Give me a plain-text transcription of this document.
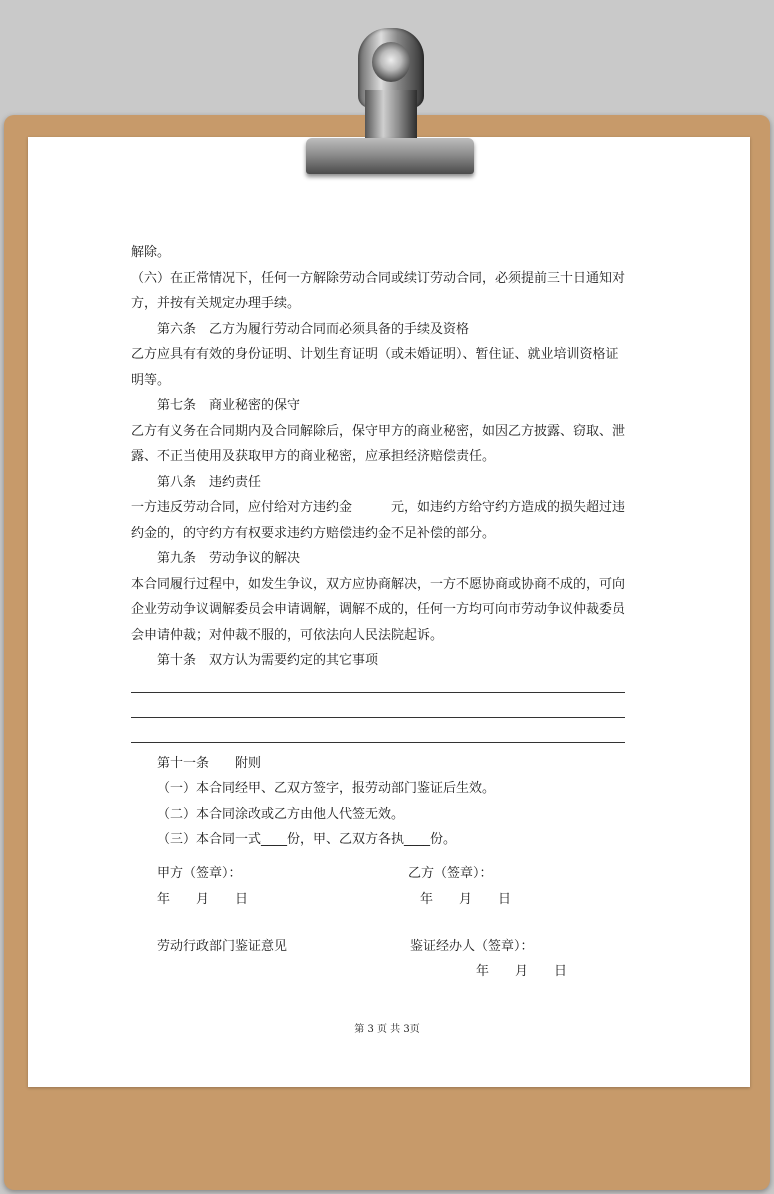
解除。

（六）在正常情况下，任何一方解除劳动合同或续订劳动合同，必须提前三十日通知对

方，并按有关规定办理手续。

第六条　乙方为履行劳动合同而必须具备的手续及资格

乙方应具有有效的身份证明、计划生育证明（或未婚证明）、暂住证、就业培训资格证

明等。

第七条　商业秘密的保守

乙方有义务在合同期内及合同解除后，保守甲方的商业秘密，如因乙方披露、窃取、泄

露、不正当使用及获取甲方的商业秘密，应承担经济赔偿责任。

第八条　违约责任

一方违反劳动合同，应付给对方违约金　　　元，如违约方给守约方造成的损失超过违

约金的，的守约方有权要求违约方赔偿违约金不足补偿的部分。

第九条　劳动争议的解决

本合同履行过程中，如发生争议，双方应协商解决，一方不愿协商或协商不成的，可向

企业劳动争议调解委员会申请调解，调解不成的，任何一方均可向市劳动争议仲裁委员

会申请仲裁；对仲裁不服的，可依法向人民法院起诉。

第十条　双方认为需要约定的其它事项

第十一条　　附则

（一）本合同经甲、乙双方签字，报劳动部门鉴证后生效。

（二）本合同涂改或乙方由他人代签无效。

（三）本合同一式____份，甲、乙双方各执____份。

甲方（签章）：
年　　月　　日
乙方（签章）：
年　　月　　日
劳动行政部门鉴证意见	鉴证经办人（签章）：
年　　月　　日
第 3 页 共 3页
